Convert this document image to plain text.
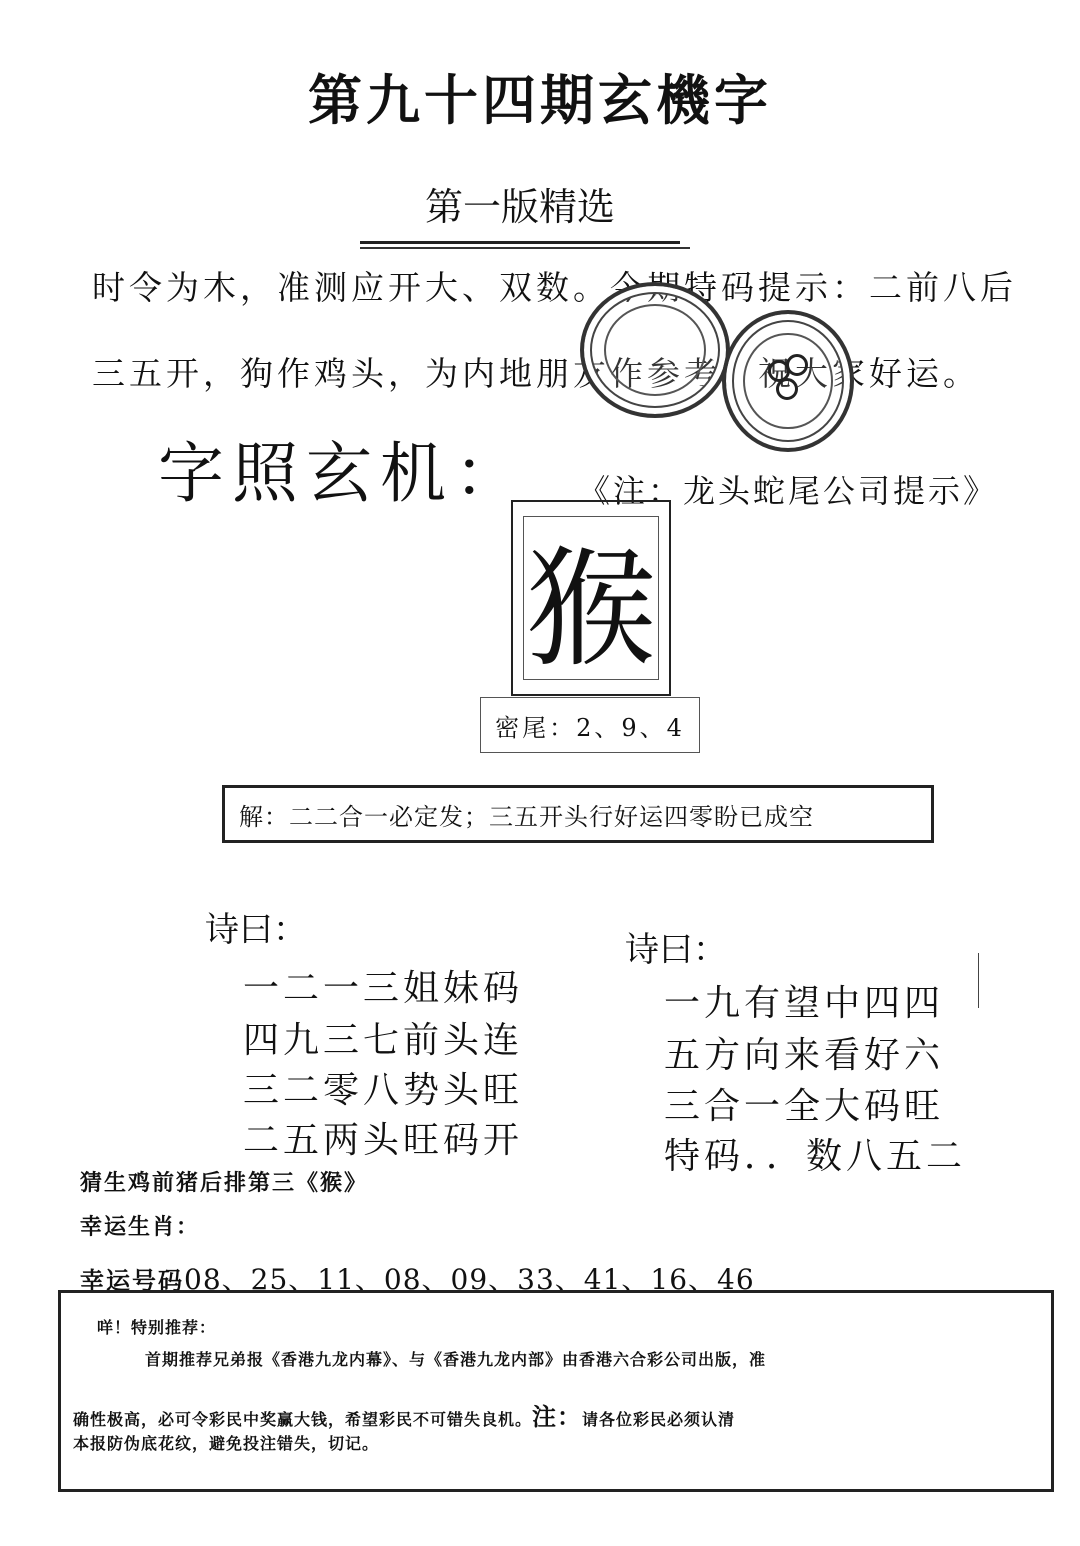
第九十四期玄機字
第一版精选
时令为木，准测应开大、双数。今期特码提示：二前八后
三五开，狗作鸡头，为内地朋友作参考，祝大家好运。
字照玄机： 《注：龙头蛇尾公司提示》
猴
密尾：2、9、4
解：二二合一必定发；三五开头行好运四零盼已成空
诗曰：
一二一三姐妹码
四九三七前头连
三二零八势头旺
二五两头旺码开
诗曰：
一九有望中四四
五方向来看好六
三合一全大码旺
特码．．数八五二
猜生鸡前猪后排第三《猴》
幸运生肖：
幸运号码08、25、11、08、09、33、41、16、46
咩！特别推荐：
首期推荐兄弟报《香港九龙内幕》、与《香港九龙内部》由香港六合彩公司出版，准
确性极高，必可令彩民中奖赢大钱，希望彩民不可错失良机。注：请各位彩民必须认清
本报防伪底花纹，避免投注错失，切记。
